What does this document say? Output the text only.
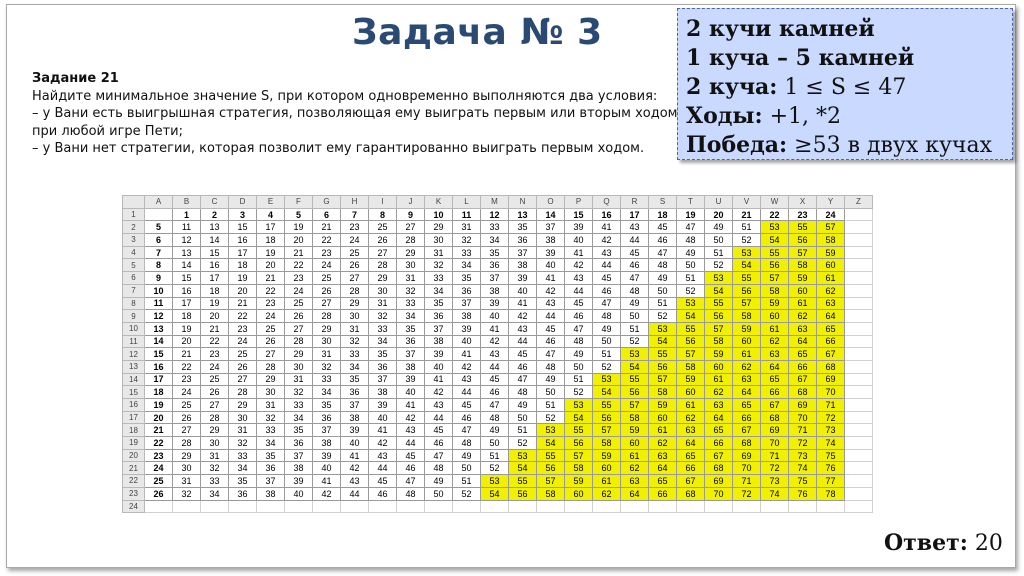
Задача № 3
Задание 21
Найдите минимальное значение S, при котором одновременно выполняются два условия:
– у Вани есть выигрышная стратегия, позволяющая ему выиграть первым или вторым ходом при любой игре Пети;
– у Вани нет стратегии, которая позволит ему гарантированно выиграть первым ходом.
2 кучи камней
1 куча – 5 камней
2 куча: 1 ≤ S ≤ 47
Ходы: +1, *2
Победа: ≥53 в двух кучах
	A	B	C	D	E	F	G	H	I	J	K	L	M	N	O	P	Q	R	S	T	U	V	W	X	Y	Z
1		1	2	3	4	5	6	7	8	9	10	11	12	13	14	15	16	17	18	19	20	21	22	23	24	
2	5	11	13	15	17	19	21	23	25	27	29	31	33	35	37	39	41	43	45	47	49	51	53	55	57	
3	6	12	14	16	18	20	22	24	26	28	30	32	34	36	38	40	42	44	46	48	50	52	54	56	58	
4	7	13	15	17	19	21	23	25	27	29	31	33	35	37	39	41	43	45	47	49	51	53	55	57	59	
5	8	14	16	18	20	22	24	26	28	30	32	34	36	38	40	42	44	46	48	50	52	54	56	58	60	
6	9	15	17	19	21	23	25	27	29	31	33	35	37	39	41	43	45	47	49	51	53	55	57	59	61	
7	10	16	18	20	22	24	26	28	30	32	34	36	38	40	42	44	46	48	50	52	54	56	58	60	62	
8	11	17	19	21	23	25	27	29	31	33	35	37	39	41	43	45	47	49	51	53	55	57	59	61	63	
9	12	18	20	22	24	26	28	30	32	34	36	38	40	42	44	46	48	50	52	54	56	58	60	62	64	
10	13	19	21	23	25	27	29	31	33	35	37	39	41	43	45	47	49	51	53	55	57	59	61	63	65	
11	14	20	22	24	26	28	30	32	34	36	38	40	42	44	46	48	50	52	54	56	58	60	62	64	66	
12	15	21	23	25	27	29	31	33	35	37	39	41	43	45	47	49	51	53	55	57	59	61	63	65	67	
13	16	22	24	26	28	30	32	34	36	38	40	42	44	46	48	50	52	54	56	58	60	62	64	66	68	
14	17	23	25	27	29	31	33	35	37	39	41	43	45	47	49	51	53	55	57	59	61	63	65	67	69	
15	18	24	26	28	30	32	34	36	38	40	42	44	46	48	50	52	54	56	58	60	62	64	66	68	70	
16	19	25	27	29	31	33	35	37	39	41	43	45	47	49	51	53	55	57	59	61	63	65	67	69	71	
17	20	26	28	30	32	34	36	38	40	42	44	46	48	50	52	54	56	58	60	62	64	66	68	70	72	
18	21	27	29	31	33	35	37	39	41	43	45	47	49	51	53	55	57	59	61	63	65	67	69	71	73	
19	22	28	30	32	34	36	38	40	42	44	46	48	50	52	54	56	58	60	62	64	66	68	70	72	74	
20	23	29	31	33	35	37	39	41	43	45	47	49	51	53	55	57	59	61	63	65	67	69	71	73	75	
21	24	30	32	34	36	38	40	42	44	46	48	50	52	54	56	58	60	62	64	66	68	70	72	74	76	
22	25	31	33	35	37	39	41	43	45	47	49	51	53	55	57	59	61	63	65	67	69	71	73	75	77	
23	26	32	34	36	38	40	42	44	46	48	50	52	54	56	58	60	62	64	66	68	70	72	74	76	78	
24																										
Ответ: 20
